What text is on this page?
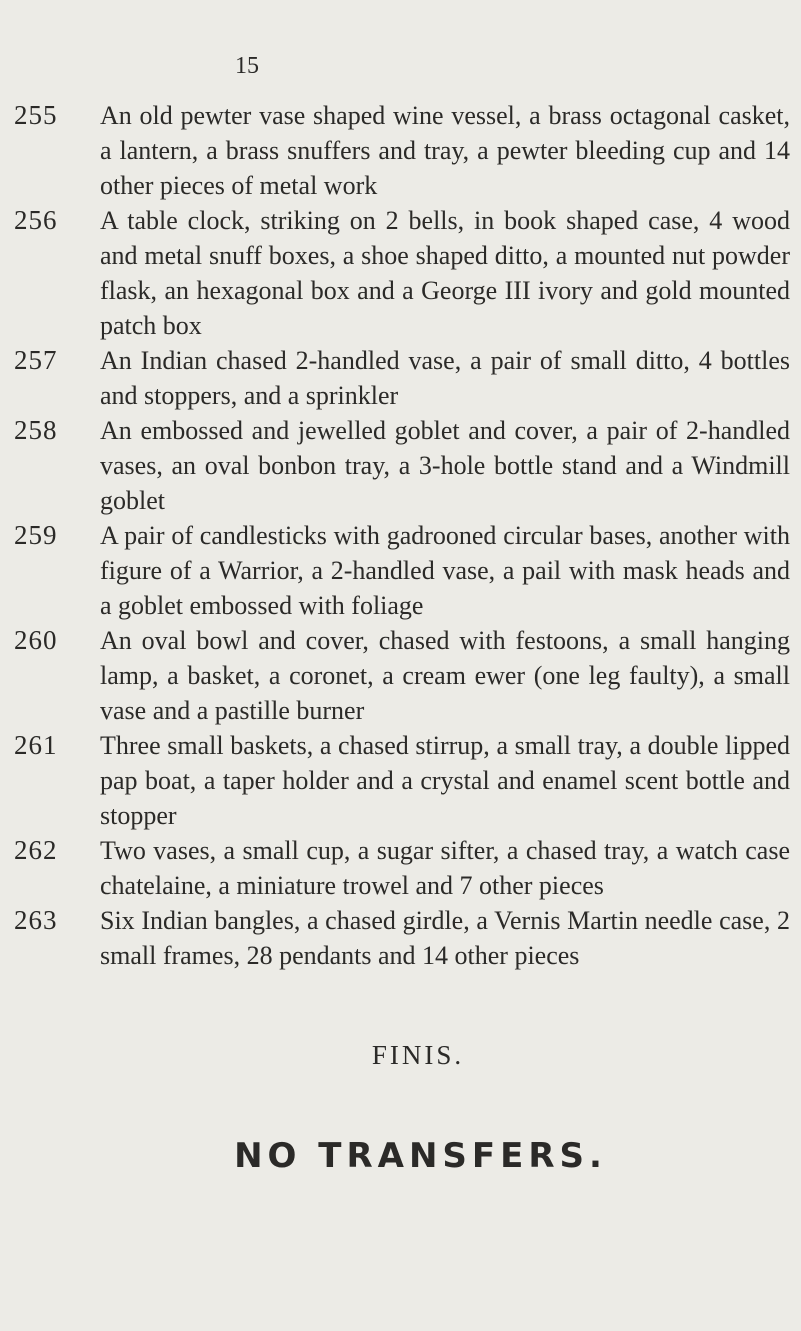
15
255 An old pewter vase shaped wine vessel, a brass octagonal casket, a lantern, a brass snuffers and tray, a pewter bleeding cup and 14 other pieces of metal work
256 A table clock, striking on 2 bells, in book shaped case, 4 wood and metal snuff boxes, a shoe shaped ditto, a mounted nut powder flask, an hexagonal box and a George III ivory and gold mounted patch box
257 An Indian chased 2-handled vase, a pair of small ditto, 4 bottles and stoppers, and a sprinkler
258 An embossed and jewelled goblet and cover, a pair of 2-handled vases, an oval bonbon tray, a 3-hole bottle stand and a Windmill goblet
259 A pair of candlesticks with gadrooned circular bases, another with figure of a Warrior, a 2-handled vase, a pail with mask heads and a goblet embossed with foliage
260 An oval bowl and cover, chased with festoons, a small hanging lamp, a basket, a coronet, a cream ewer (one leg faulty), a small vase and a pastille burner
261 Three small baskets, a chased stirrup, a small tray, a double lipped pap boat, a taper holder and a crystal and enamel scent bottle and stopper
262 Two vases, a small cup, a sugar sifter, a chased tray, a watch case chatelaine, a miniature trowel and 7 other pieces
263 Six Indian bangles, a chased girdle, a Vernis Martin needle case, 2 small frames, 28 pendants and 14 other pieces
FINIS.
NO TRANSFERS.
